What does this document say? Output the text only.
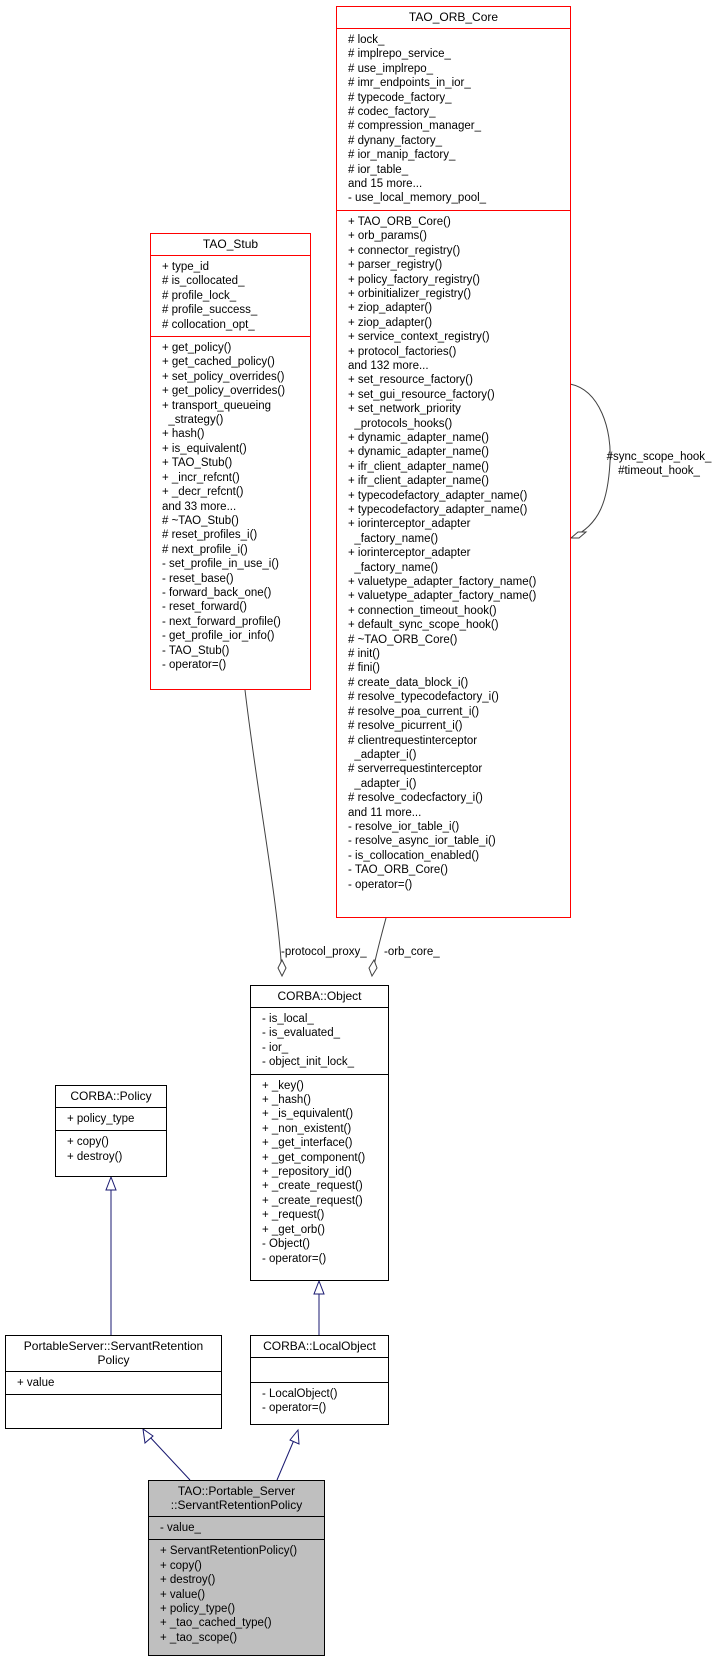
TAO_ORB_Core
# lock_
# implrepo_service_
# use_implrepo_
# imr_endpoints_in_ior_
# typecode_factory_
# codec_factory_
# compression_manager_
# dynany_factory_
# ior_manip_factory_
# ior_table_
and 15 more...
- use_local_memory_pool_
+ TAO_ORB_Core()
+ orb_params()
+ connector_registry()
+ parser_registry()
+ policy_factory_registry()
+ orbinitializer_registry()
+ ziop_adapter()
+ ziop_adapter()
+ service_context_registry()
+ protocol_factories()
and 132 more...
+ set_resource_factory()
+ set_gui_resource_factory()
+ set_network_priority
_protocols_hooks()
+ dynamic_adapter_name()
+ dynamic_adapter_name()
+ ifr_client_adapter_name()
+ ifr_client_adapter_name()
+ typecodefactory_adapter_name()
+ typecodefactory_adapter_name()
+ iorinterceptor_adapter
_factory_name()
+ iorinterceptor_adapter
_factory_name()
+ valuetype_adapter_factory_name()
+ valuetype_adapter_factory_name()
+ connection_timeout_hook()
+ default_sync_scope_hook()
# ~TAO_ORB_Core()
# init()
# fini()
# create_data_block_i()
# resolve_typecodefactory_i()
# resolve_poa_current_i()
# resolve_picurrent_i()
# clientrequestinterceptor
_adapter_i()
# serverrequestinterceptor
_adapter_i()
# resolve_codecfactory_i()
and 11 more...
- resolve_ior_table_i()
- resolve_async_ior_table_i()
- is_collocation_enabled()
- TAO_ORB_Core()
- operator=()
TAO_Stub
+ type_id
# is_collocated_
# profile_lock_
# profile_success_
# collocation_opt_
+ get_policy()
+ get_cached_policy()
+ set_policy_overrides()
+ get_policy_overrides()
+ transport_queueing
_strategy()
+ hash()
+ is_equivalent()
+ TAO_Stub()
+ _incr_refcnt()
+ _decr_refcnt()
and 33 more...
# ~TAO_Stub()
# reset_profiles_i()
# next_profile_i()
- set_profile_in_use_i()
- reset_base()
- forward_back_one()
- reset_forward()
- next_forward_profile()
- get_profile_ior_info()
- TAO_Stub()
- operator=()
CORBA::Object
- is_local_
- is_evaluated_
- ior_
- object_init_lock_
+ _key()
+ _hash()
+ _is_equivalent()
+ _non_existent()
+ _get_interface()
+ _get_component()
+ _repository_id()
+ _create_request()
+ _create_request()
+ _request()
+ _get_orb()
- Object()
- operator=()
CORBA::Policy
+ policy_type
+ copy()
+ destroy()
PortableServer::ServantRetention
Policy
+ value
CORBA::LocalObject
- LocalObject()
- operator=()
TAO::Portable_Server
::ServantRetentionPolicy
- value_
+ ServantRetentionPolicy()
+ copy()
+ destroy()
+ value()
+ policy_type()
+ _tao_cached_type()
+ _tao_scope()
-protocol_proxy_ -orb_core_
#sync_scope_hook_
#timeout_hook_
